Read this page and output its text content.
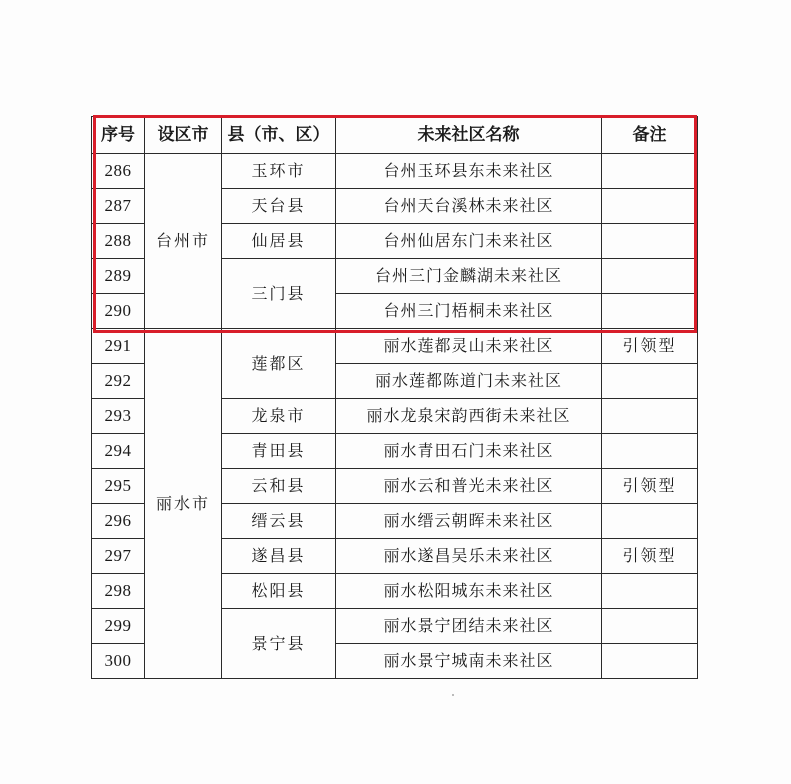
序号	设区市	县（市、区）	未来社区名称	备注
286	台州市	玉环市	台州玉环县东未来社区	
287		天台县	台州天台溪林未来社区	
288		仙居县	台州仙居东门未来社区	
289		三门县	台州三门金麟湖未来社区	
290			台州三门梧桐未来社区	
291	丽水市	莲都区	丽水莲都灵山未来社区	引领型
292			丽水莲都陈道门未来社区	
293		龙泉市	丽水龙泉宋韵西街未来社区	
294		青田县	丽水青田石门未来社区	
295		云和县	丽水云和普光未来社区	引领型
296		缙云县	丽水缙云朝晖未来社区	
297		遂昌县	丽水遂昌吴乐未来社区	引领型
298		松阳县	丽水松阳城东未来社区	
299		景宁县	丽水景宁团结未来社区	
300			丽水景宁城南未来社区	
